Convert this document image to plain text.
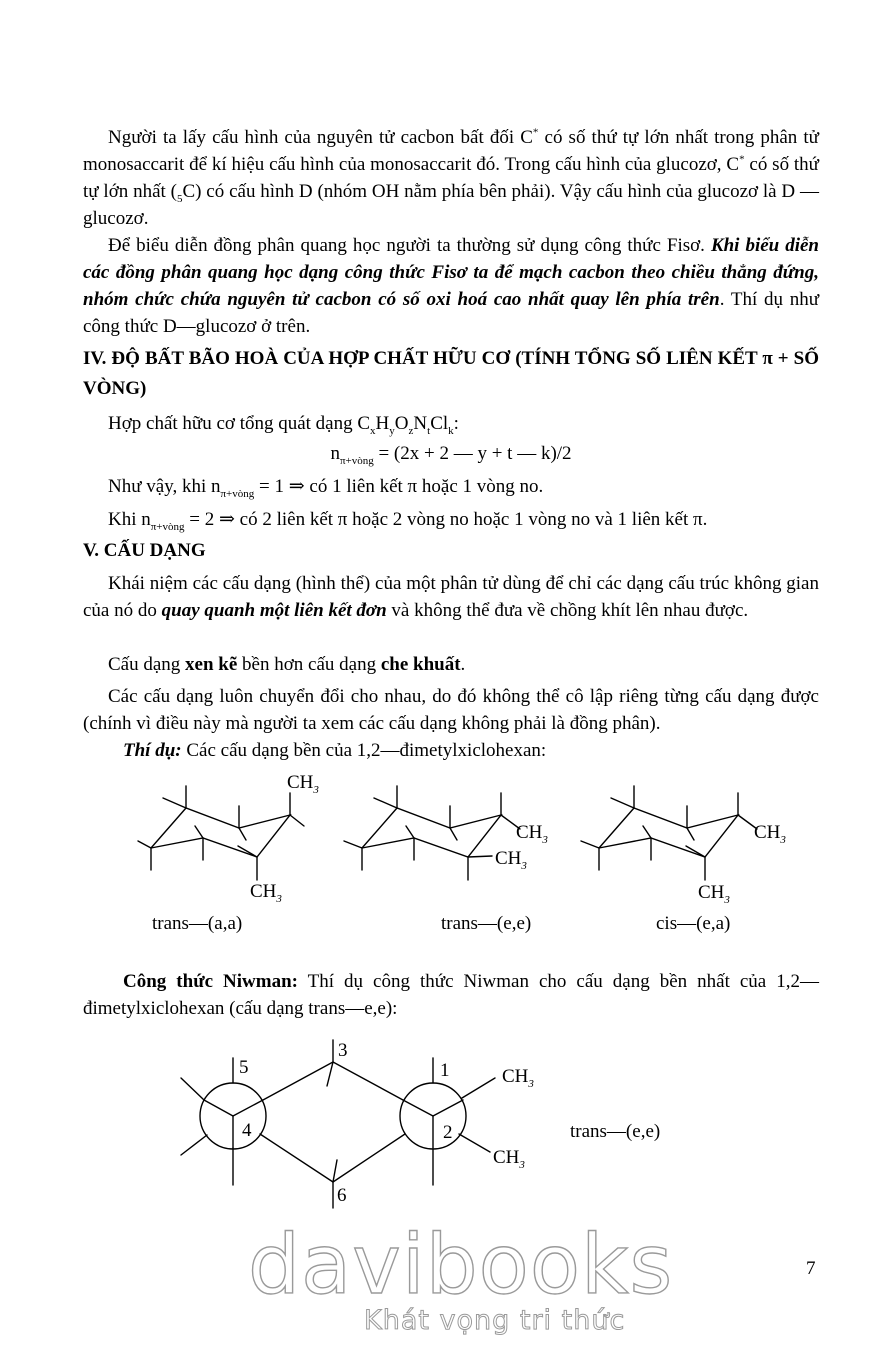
Người ta lấy cấu hình của nguyên tử cacbon bất đối C* có số thứ tự lớn nhất trong phân tử monosaccarit để kí hiệu cấu hình của monosaccarit đó. Trong cấu hình của glucozơ, C* có số thứ tự lớn nhất $(_5C)$ có cấu hình D (nhóm OH nằm phía bên phải). Vậy cấu hình của glucozơ là D — glucozơ.

Để biểu diễn đồng phân quang học người ta thường sử dụng công thức Fisơ. Khi biểu diễn các đồng phân quang học dạng công thức Fisơ ta để mạch cacbon theo chiều thẳng đứng, nhóm chức chứa nguyên tử cacbon có số oxi hoá cao nhất quay lên phía trên. Thí dụ như công thức D—glucozơ ở trên.

IV. ĐỘ BẤT BÃO HOÀ CỦA HỢP CHẤT HỮU CƠ (TÍNH TỔNG SỐ LIÊN KẾT π + SỐ VÒNG)

Hợp chất hữu cơ tổng quát dạng $C_xH_yO_zN_tCl_k$:

$n_{\pi+vòng} = (2x + 2$ — y + t — k)/2

Như vậy, khi $n_{\pi+vòng} = 1$ ⇒ có 1 liên kết π hoặc 1 vòng no.

Khi $n_{\pi+vòng} = 2$ ⇒ có 2 liên kết π hoặc 2 vòng no hoặc 1 vòng no và 1 liên kết π.

V. CẤU DẠNG

Khái niệm các cấu dạng (hình thể) của một phân tử dùng để chỉ các dạng cấu trúc không gian của nó do quay quanh một liên kết đơn và không thể đưa về chồng khít lên nhau được.

Cấu dạng xen kẽ bền hơn cấu dạng che khuất.

Các cấu dạng luôn chuyển đổi cho nhau, do đó không thể cô lập riêng từng cấu dạng được (chính vì điều này mà người ta xem các cấu dạng không phải là đồng phân).

Thí dụ: Các cấu dạng bền của 1,2—đimetylxiclohexan:

$CH_3$
$CH_3$
$CH_3$
$CH_3$
$CH_3$
$CH_3$
trans—(a,a)	trans—(e,e)	cis—(e,a)

Công thức Niwman: Thí dụ công thức Niwman cho cấu dạng bền nhất của 1,2—đimetylxiclohexan (cấu dạng trans—e,e):

5
3
1
4	2
6
$CH_3$
$CH_3$
trans—(e,e)
davibooks
Khát vọng tri thức
7
